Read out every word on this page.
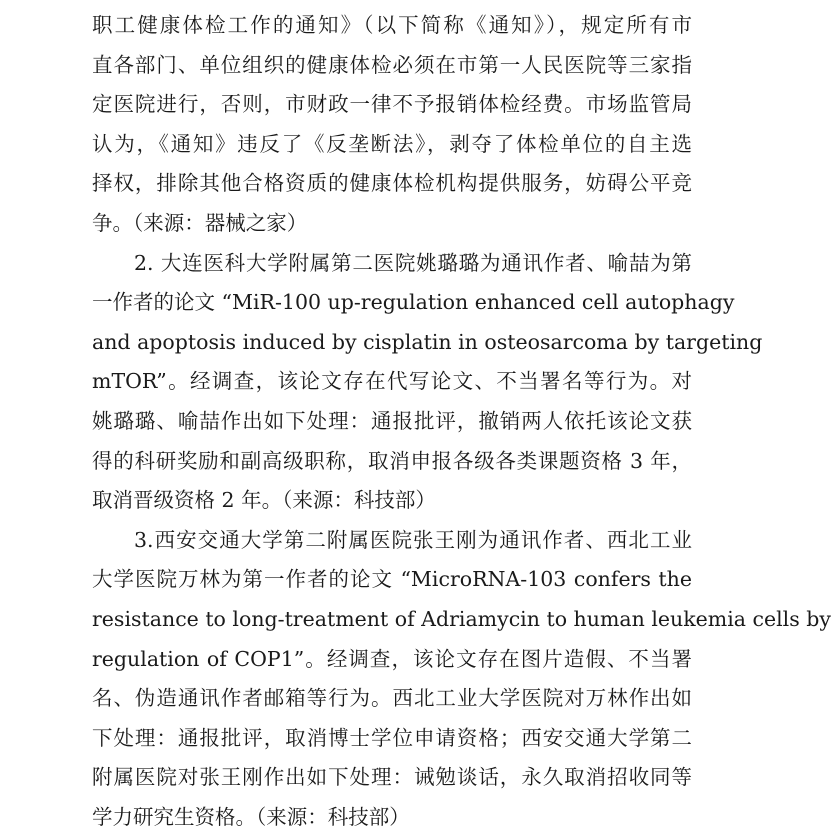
职工健康体检工作的通知》（以下简称《通知》），规定所有市
直各部门、单位组织的健康体检必须在市第一人民医院等三家指
定医院进行，否则，市财政一律不予报销体检经费。市场监管局
认为，《通知》违反了《反垄断法》，剥夺了体检单位的自主选
择权，排除其他合格资质的健康体检机构提供服务，妨碍公平竞
争。（来源：器械之家）
2. 大连医科大学附属第二医院姚璐璐为通讯作者、喻喆为第
一作者的论文 “MiR-100 up-regulation enhanced cell autophagy
and apoptosis induced by cisplatin in osteosarcoma by targeting
mTOR”。经调查，该论文存在代写论文、不当署名等行为。对
姚璐璐、喻喆作出如下处理：通报批评，撤销两人依托该论文获
得的科研奖励和副高级职称，取消申报各级各类课题资格 3 年，
取消晋级资格 2 年。（来源：科技部）
3.西安交通大学第二附属医院张王刚为通讯作者、西北工业
大学医院万林为第一作者的论文 “MicroRNA-103 confers the
resistance to long-treatment of Adriamycin to human leukemia cells by
regulation of COP1”。经调查，该论文存在图片造假、不当署
名、伪造通讯作者邮箱等行为。西北工业大学医院对万林作出如
下处理：通报批评，取消博士学位申请资格；西安交通大学第二
附属医院对张王刚作出如下处理：诫勉谈话，永久取消招收同等
学力研究生资格。（来源：科技部）
